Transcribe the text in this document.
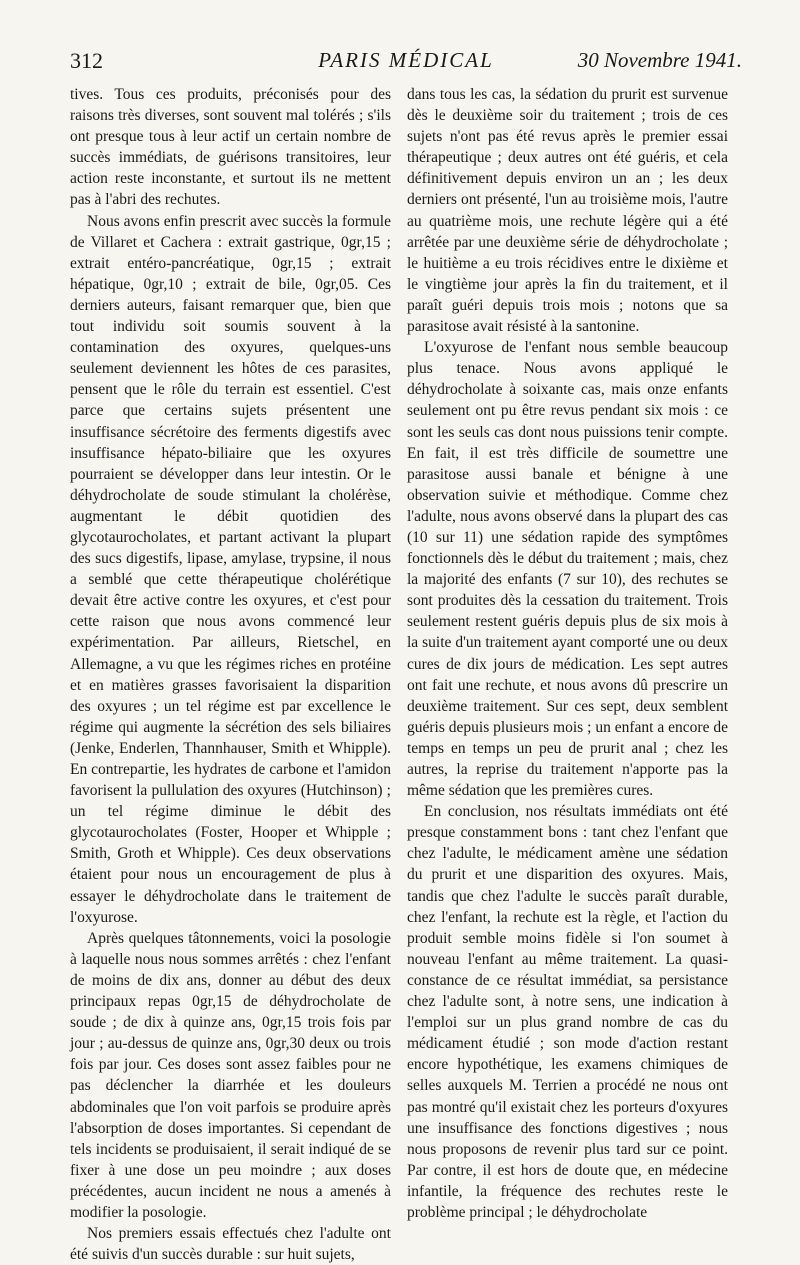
312	PARIS MÉDICAL	30 Novembre 1941.

tives. Tous ces produits, préconisés pour des raisons très diverses, sont souvent mal tolérés ; s'ils ont presque tous à leur actif un certain nombre de succès immédiats, de guérisons transitoires, leur action reste inconstante, et surtout ils ne mettent pas à l'abri des rechutes.

Nous avons enfin prescrit avec succès la formule de Villaret et Cachera : extrait gastrique, 0gr,15 ; extrait entéro-pancréatique, 0gr,15 ; extrait hépatique, 0gr,10 ; extrait de bile, 0gr,05. Ces derniers auteurs, faisant remarquer que, bien que tout individu soit soumis souvent à la contamination des oxyures, quelques-uns seulement deviennent les hôtes de ces parasites, pensent que le rôle du terrain est essentiel. C'est parce que certains sujets présentent une insuffisance sécrétoire des ferments digestifs avec insuffisance hépato-biliaire que les oxyures pourraient se développer dans leur intestin. Or le déhydrocholate de soude stimulant la cholérèse, augmentant le débit quotidien des glycotaurocholates, et partant activant la plupart des sucs digestifs, lipase, amylase, trypsine, il nous a semblé que cette thérapeutique cholérétique devait être active contre les oxyures, et c'est pour cette raison que nous avons commencé leur expérimentation. Par ailleurs, Rietschel, en Allemagne, a vu que les régimes riches en protéine et en matières grasses favorisaient la disparition des oxyures ; un tel régime est par excellence le régime qui augmente la sécrétion des sels biliaires (Jenke, Enderlen, Thannhauser, Smith et Whipple). En contrepartie, les hydrates de carbone et l'amidon favorisent la pullulation des oxyures (Hutchinson) ; un tel régime diminue le débit des glycotaurocholates (Foster, Hooper et Whipple ; Smith, Groth et Whipple). Ces deux observations étaient pour nous un encouragement de plus à essayer le déhydrocholate dans le traitement de l'oxyurose.

Après quelques tâtonnements, voici la posologie à laquelle nous nous sommes arrêtés : chez l'enfant de moins de dix ans, donner au début des deux principaux repas 0gr,15 de déhydrocholate de soude ; de dix à quinze ans, 0gr,15 trois fois par jour ; au-dessus de quinze ans, 0gr,30 deux ou trois fois par jour. Ces doses sont assez faibles pour ne pas déclencher la diarrhée et les douleurs abdominales que l'on voit parfois se produire après l'absorption de doses importantes. Si cependant de tels incidents se produisaient, il serait indiqué de se fixer à une dose un peu moindre ; aux doses précédentes, aucun incident ne nous a amenés à modifier la posologie.

Nos premiers essais effectués chez l'adulte ont été suivis d'un succès durable : sur huit sujets,

dans tous les cas, la sédation du prurit est survenue dès le deuxième soir du traitement ; trois de ces sujets n'ont pas été revus après le premier essai thérapeutique ; deux autres ont été guéris, et cela définitivement depuis environ un an ; les deux derniers ont présenté, l'un au troisième mois, l'autre au quatrième mois, une rechute légère qui a été arrêtée par une deuxième série de déhydrocholate ; le huitième a eu trois récidives entre le dixième et le vingtième jour après la fin du traitement, et il paraît guéri depuis trois mois ; notons que sa parasitose avait résisté à la santonine.

L'oxyurose de l'enfant nous semble beaucoup plus tenace. Nous avons appliqué le déhydrocholate à soixante cas, mais onze enfants seulement ont pu être revus pendant six mois : ce sont les seuls cas dont nous puissions tenir compte. En fait, il est très difficile de soumettre une parasitose aussi banale et bénigne à une observation suivie et méthodique. Comme chez l'adulte, nous avons observé dans la plupart des cas (10 sur 11) une sédation rapide des symptômes fonctionnels dès le début du traitement ; mais, chez la majorité des enfants (7 sur 10), des rechutes se sont produites dès la cessation du traitement. Trois seulement restent guéris depuis plus de six mois à la suite d'un traitement ayant comporté une ou deux cures de dix jours de médication. Les sept autres ont fait une rechute, et nous avons dû prescrire un deuxième traitement. Sur ces sept, deux semblent guéris depuis plusieurs mois ; un enfant a encore de temps en temps un peu de prurit anal ; chez les autres, la reprise du traitement n'apporte pas la même sédation que les premières cures.

En conclusion, nos résultats immédiats ont été presque constamment bons : tant chez l'enfant que chez l'adulte, le médicament amène une sédation du prurit et une disparition des oxyures. Mais, tandis que chez l'adulte le succès paraît durable, chez l'enfant, la rechute est la règle, et l'action du produit semble moins fidèle si l'on soumet à nouveau l'enfant au même traitement. La quasi-constance de ce résultat immédiat, sa persistance chez l'adulte sont, à notre sens, une indication à l'emploi sur un plus grand nombre de cas du médicament étudié ; son mode d'action restant encore hypothétique, les examens chimiques de selles auxquels M. Terrien a procédé ne nous ont pas montré qu'il existait chez les porteurs d'oxyures une insuffisance des fonctions digestives ; nous nous proposons de revenir plus tard sur ce point. Par contre, il est hors de doute que, en médecine infantile, la fréquence des rechutes reste le problème principal ; le déhydrocholate
